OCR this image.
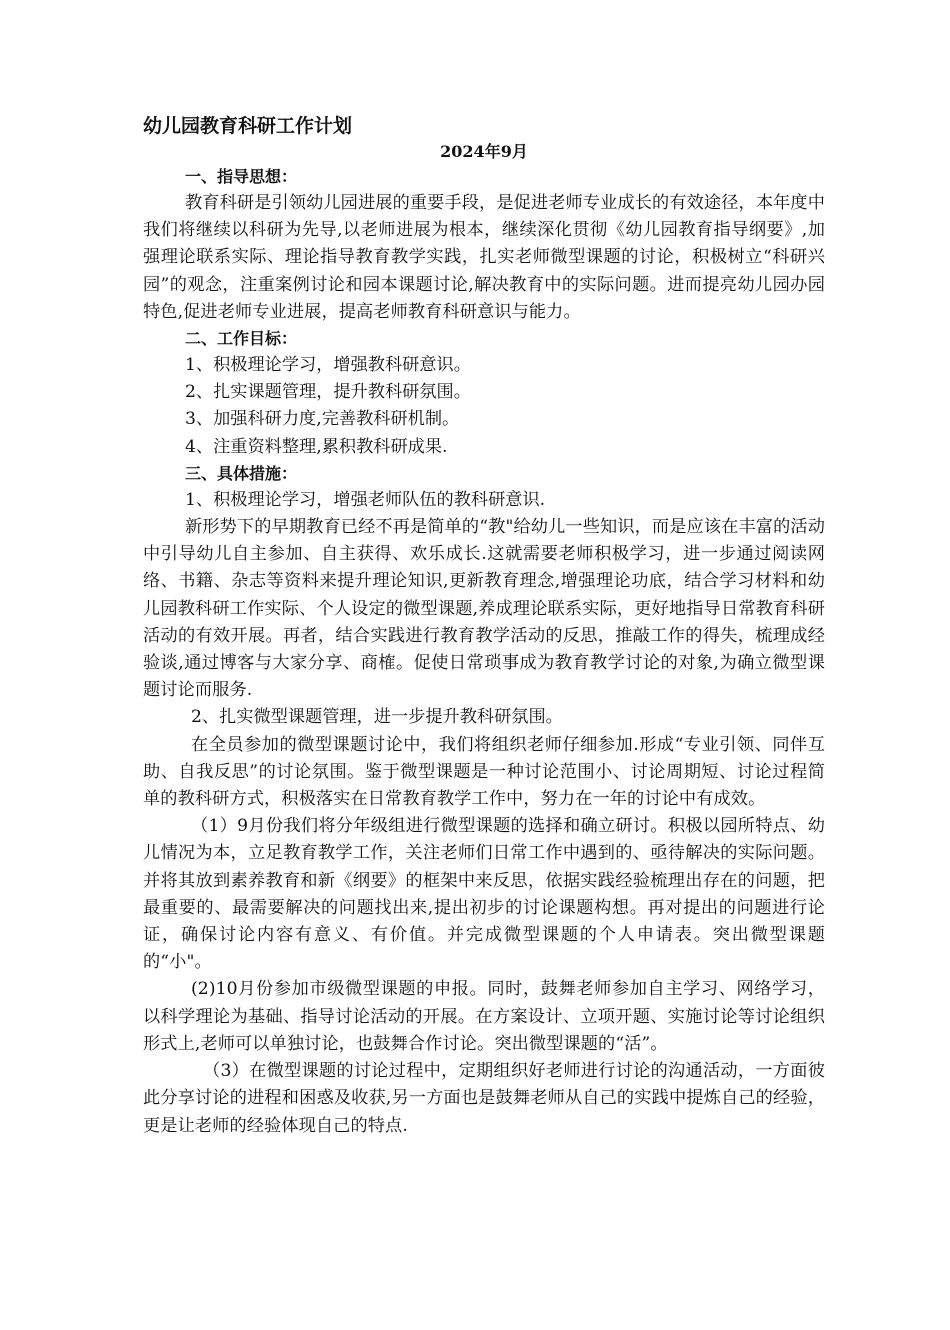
幼儿园教育科研工作计划

2024年9月

一、指导思想：

教育科研是引领幼儿园进展的重要手段，是促进老师专业成长的有效途径，本年度中我们将继续以科研为先导,以老师进展为根本，继续深化贯彻《幼儿园教育指导纲要》,加强理论联系实际、理论指导教育教学实践，扎实老师微型课题的讨论，积极树立“科研兴园”的观念，注重案例讨论和园本课题讨论,解决教育中的实际问题。进而提亮幼儿园办园特色,促进老师专业进展，提高老师教育科研意识与能力。

二、工作目标：

1、积极理论学习，增强教科研意识。

2、扎实课题管理，提升教科研氛围。

3、加强科研力度,完善教科研机制。

4、注重资料整理,累积教科研成果.

三、具体措施：

1、积极理论学习，增强老师队伍的教科研意识.

新形势下的早期教育已经不再是简单的“教"给幼儿一些知识，而是应该在丰富的活动中引导幼儿自主参加、自主获得、欢乐成长.这就需要老师积极学习，进一步通过阅读网络、书籍、杂志等资料来提升理论知识,更新教育理念,增强理论功底，结合学习材料和幼儿园教科研工作实际、个人设定的微型课题,养成理论联系实际，更好地指导日常教育科研活动的有效开展。再者，结合实践进行教育教学活动的反思，推敲工作的得失，梳理成经验谈,通过博客与大家分享、商榷。促使日常琐事成为教育教学讨论的对象,为确立微型课题讨论而服务.

2、扎实微型课题管理，进一步提升教科研氛围。

在全员参加的微型课题讨论中，我们将组织老师仔细参加.形成“专业引领、同伴互助、自我反思”的讨论氛围。鉴于微型课题是一种讨论范围小、讨论周期短、讨论过程简单的教科研方式，积极落实在日常教育教学工作中，努力在一年的讨论中有成效。

（1）9月份我们将分年级组进行微型课题的选择和确立研讨。积极以园所特点、幼儿情况为本，立足教育教学工作，关注老师们日常工作中遇到的、亟待解决的实际问题。并将其放到素养教育和新《纲要》的框架中来反思，依据实践经验梳理出存在的问题，把最重要的、最需要解决的问题找出来,提出初步的讨论课题构想。再对提出的问题进行论证，确保讨论内容有意义、有价值。并完成微型课题的个人申请表。突出微型课题的“小"。

(2)10月份参加市级微型课题的申报。同时，鼓舞老师参加自主学习、网络学习，以科学理论为基础、指导讨论活动的开展。在方案设计、立项开题、实施讨论等讨论组织形式上,老师可以单独讨论，也鼓舞合作讨论。突出微型课题的“活”。

（3）在微型课题的讨论过程中，定期组织好老师进行讨论的沟通活动，一方面彼此分享讨论的进程和困惑及收获,另一方面也是鼓舞老师从自己的实践中提炼自己的经验，更是让老师的经验体现自己的特点.
